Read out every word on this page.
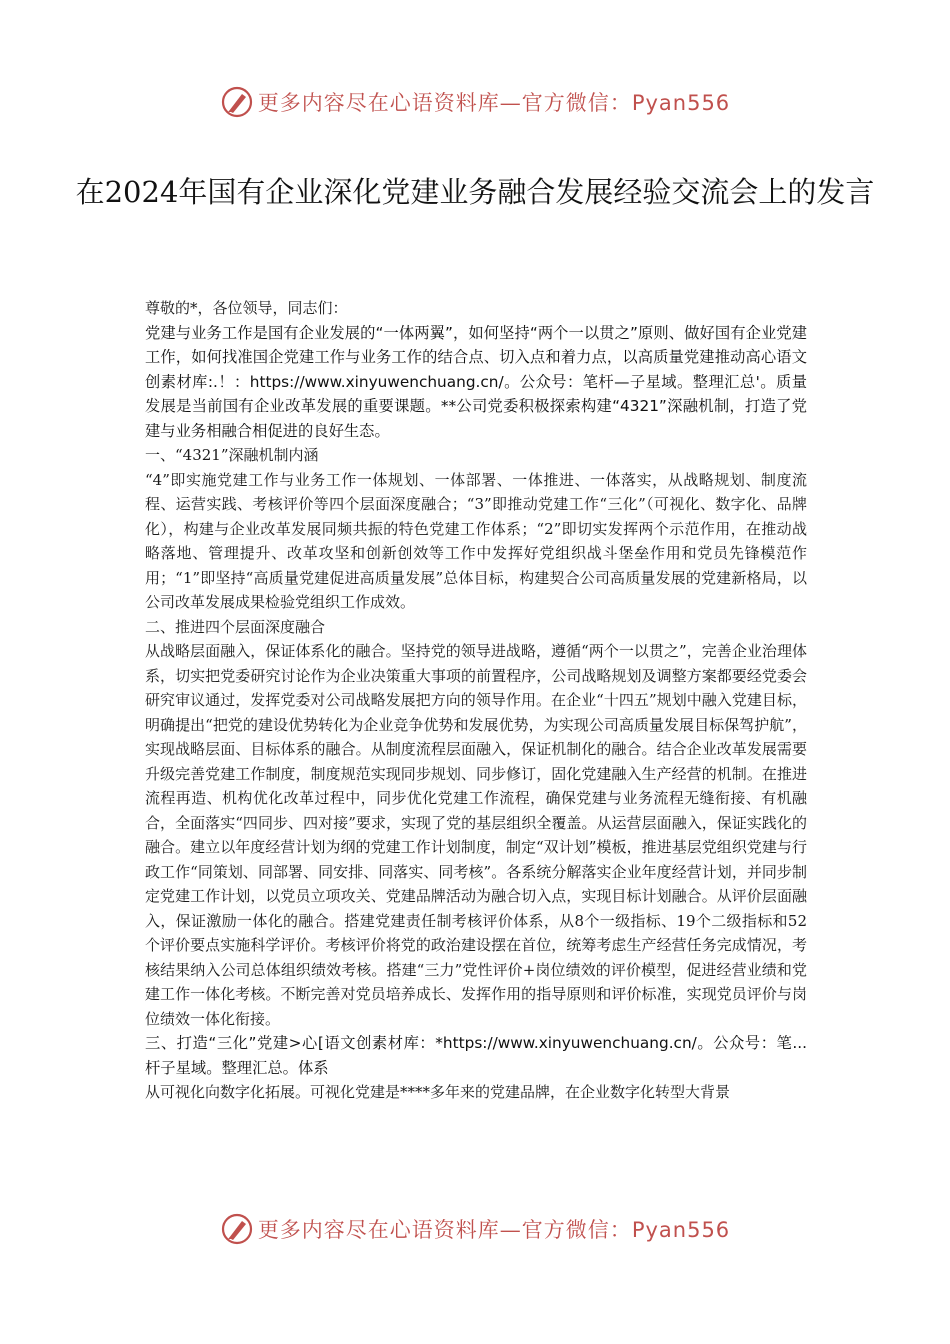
更多内容尽在心语资料库—官方微信：Pyan556
在2024年国有企业深化党建业务融合发展经验交流会上的发言

尊敬的*，各位领导，同志们：

党建与业务工作是国有企业发展的“一体两翼”，如何坚持“两个一以贯之”原则、做好国有企业党建工作，如何找准国企党建工作与业务工作的结合点、切入点和着力点，以高质量党建推动高心语文创素材库:.！：https://www.xinyuwenchuang.cn/。公众号：笔杆—子星域。整理汇总'。质量发展是当前国有企业改革发展的重要课题。**公司党委积极探索构建“4321”深融机制，打造了党建与业务相融合相促进的良好生态。

一、“4321”深融机制内涵

“4”即实施党建工作与业务工作一体规划、一体部署、一体推进、一体落实，从战略规划、制度流程、运营实践、考核评价等四个层面深度融合；“3”即推动党建工作“三化”（可视化、数字化、品牌化），构建与企业改革发展同频共振的特色党建工作体系；“2”即切实发挥两个示范作用，在推动战略落地、管理提升、改革攻坚和创新创效等工作中发挥好党组织战斗堡垒作用和党员先锋模范作用；“1”即坚持“高质量党建促进高质量发展”总体目标，构建契合公司高质量发展的党建新格局，以公司改革发展成果检验党组织工作成效。

二、推进四个层面深度融合

从战略层面融入，保证体系化的融合。坚持党的领导进战略，遵循“两个一以贯之”，完善企业治理体系，切实把党委研究讨论作为企业决策重大事项的前置程序，公司战略规划及调整方案都要经党委会研究审议通过，发挥党委对公司战略发展把方向的领导作用。在企业“十四五”规划中融入党建目标，明确提出“把党的建设优势转化为企业竞争优势和发展优势，为实现公司高质量发展目标保驾护航”，实现战略层面、目标体系的融合。从制度流程层面融入，保证机制化的融合。结合企业改革发展需要升级完善党建工作制度，制度规范实现同步规划、同步修订，固化党建融入生产经营的机制。在推进流程再造、机构优化改革过程中，同步优化党建工作流程，确保党建与业务流程无缝衔接、有机融合，全面落实“四同步、四对接”要求，实现了党的基层组织全覆盖。从运营层面融入，保证实践化的融合。建立以年度经营计划为纲的党建工作计划制度，制定“双计划”模板，推进基层党组织党建与行政工作“同策划、同部署、同安排、同落实、同考核”。各系统分解落实企业年度经营计划，并同步制定党建工作计划，以党员立项攻关、党建品牌活动为融合切入点，实现目标计划融合。从评价层面融入，保证激励一体化的融合。搭建党建责任制考核评价体系，从8个一级指标、19个二级指标和52个评价要点实施科学评价。考核评价将党的政治建设摆在首位，统筹考虑生产经营任务完成情况，考核结果纳入公司总体组织绩效考核。搭建“三力”党性评价+岗位绩效的评价模型，促进经营业绩和党建工作一体化考核。不断完善对党员培养成长、发挥作用的指导原则和评价标准，实现党员评价与岗位绩效一体化衔接。

三、打造“三化”党建>心[语文创素材库：*https://www.xinyuwenchuang.cn/。公众号：笔...杆子星域。整理汇总。体系

从可视化向数字化拓展。可视化党建是****多年来的党建品牌，在企业数字化转型大背景

更多内容尽在心语资料库—官方微信：Pyan556
